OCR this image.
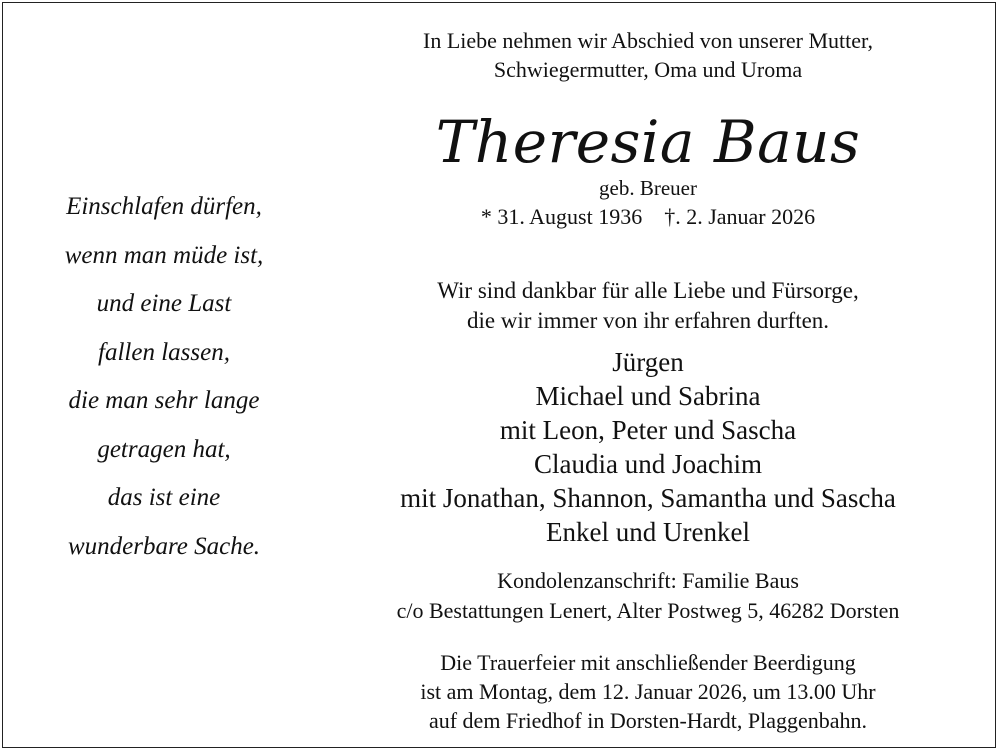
Einschlafen dürfen,
wenn man müde ist,
und eine Last
fallen lassen,
die man sehr lange
getragen hat,
das ist eine
wunderbare Sache.
In Liebe nehmen wir Abschied von unserer Mutter,
Schwiegermutter, Oma und Uroma
Theresia Baus
geb. Breuer
* 31. August 1936 †. 2. Januar 2026
Wir sind dankbar für alle Liebe und Fürsorge,
die wir immer von ihr erfahren durften.
Jürgen
Michael und Sabrina
mit Leon, Peter und Sascha
Claudia und Joachim
mit Jonathan, Shannon, Samantha und Sascha
Enkel und Urenkel
Kondolenzanschrift: Familie Baus
c/o Bestattungen Lenert, Alter Postweg 5, 46282 Dorsten
Die Trauerfeier mit anschließender Beerdigung
ist am Montag, dem 12. Januar 2026, um 13.00 Uhr
auf dem Friedhof in Dorsten-Hardt, Plaggenbahn.
